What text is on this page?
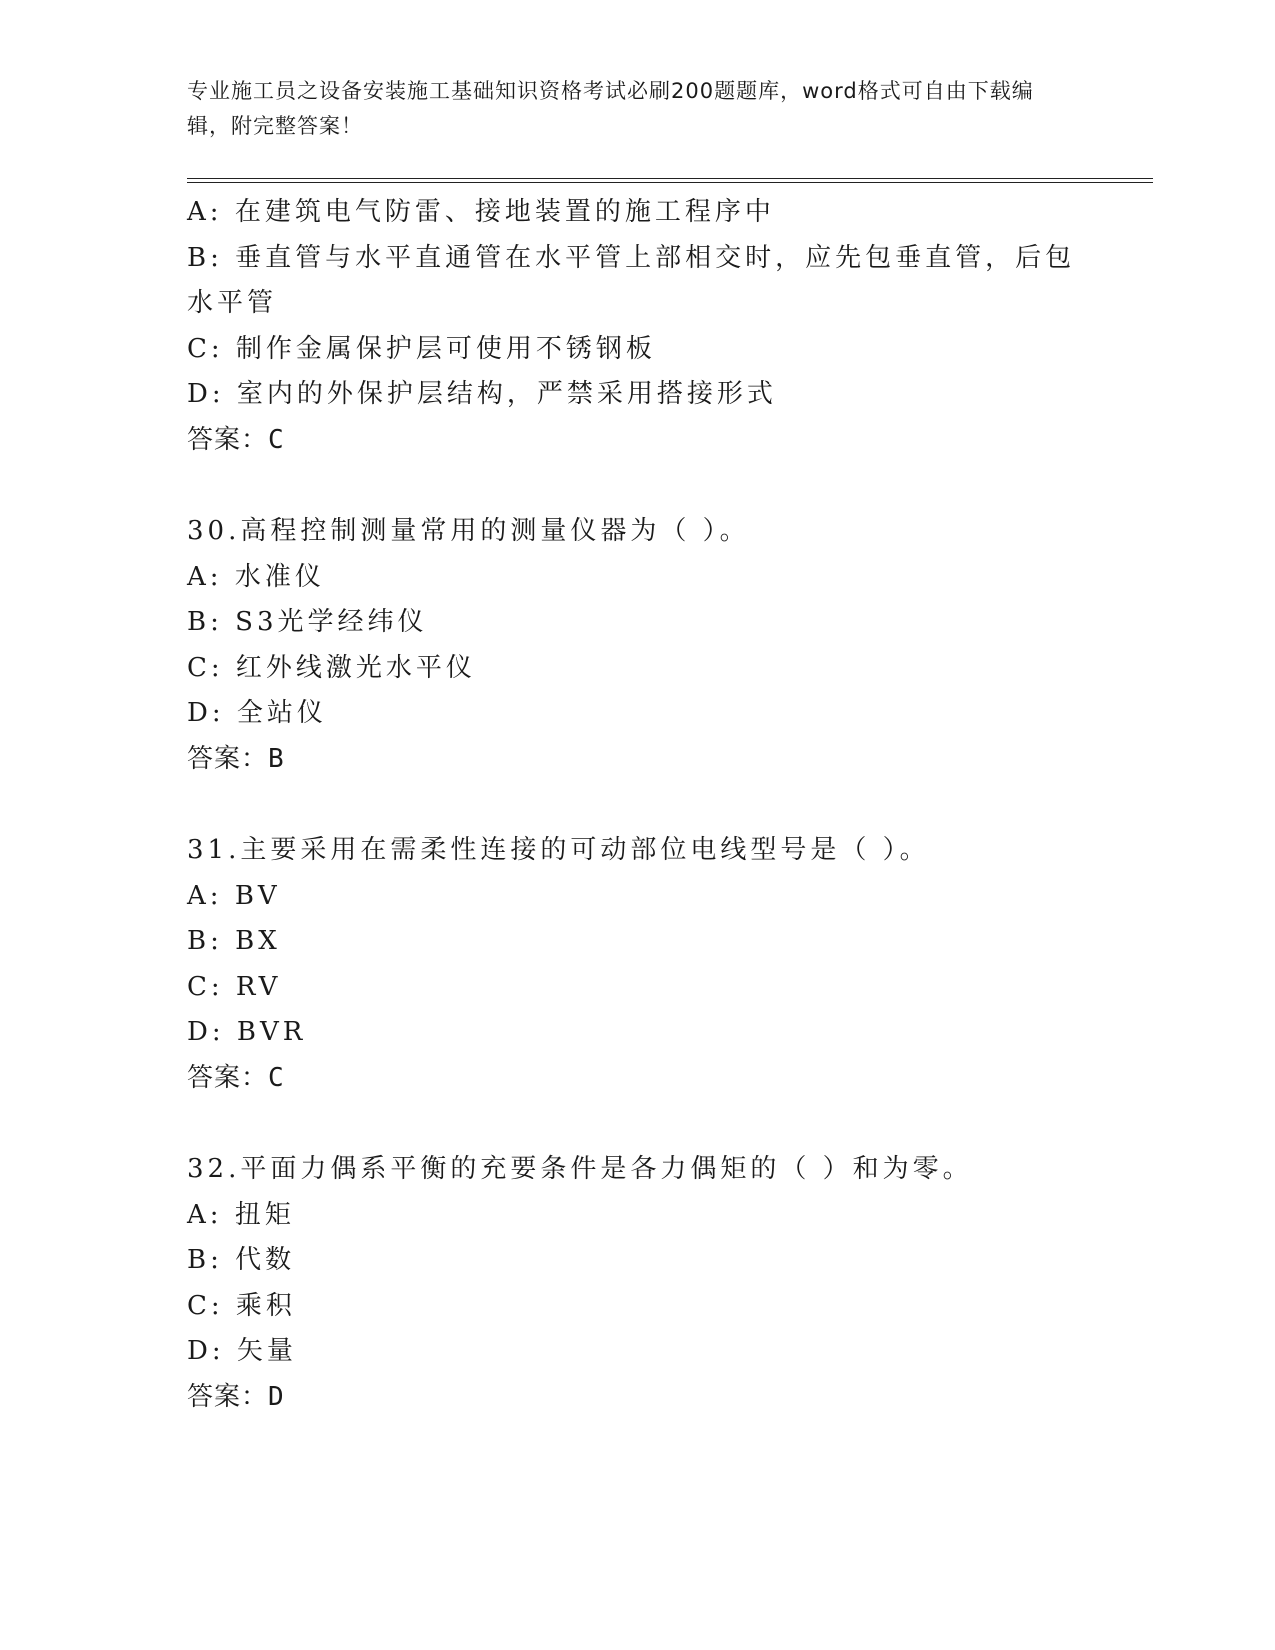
专业施工员之设备安装施工基础知识资格考试必刷200题题库，word格式可自由下载编辑，附完整答案！
A: 在建筑电气防雷、接地装置的施工程序中
B: 垂直管与水平直通管在水平管上部相交时，应先包垂直管，后包水平管
C: 制作金属保护层可使用不锈钢板
D: 室内的外保护层结构，严禁采用搭接形式
答案：C
30.高程控制测量常用的测量仪器为（ ）。
A: 水准仪
B: S3光学经纬仪
C: 红外线激光水平仪
D: 全站仪
答案：B
31.主要采用在需柔性连接的可动部位电线型号是（ ）。
A: BV
B: BX
C: RV
D: BVR
答案：C
32.平面力偶系平衡的充要条件是各力偶矩的（ ）和为零。
A: 扭矩
B: 代数
C: 乘积
D: 矢量
答案：D
